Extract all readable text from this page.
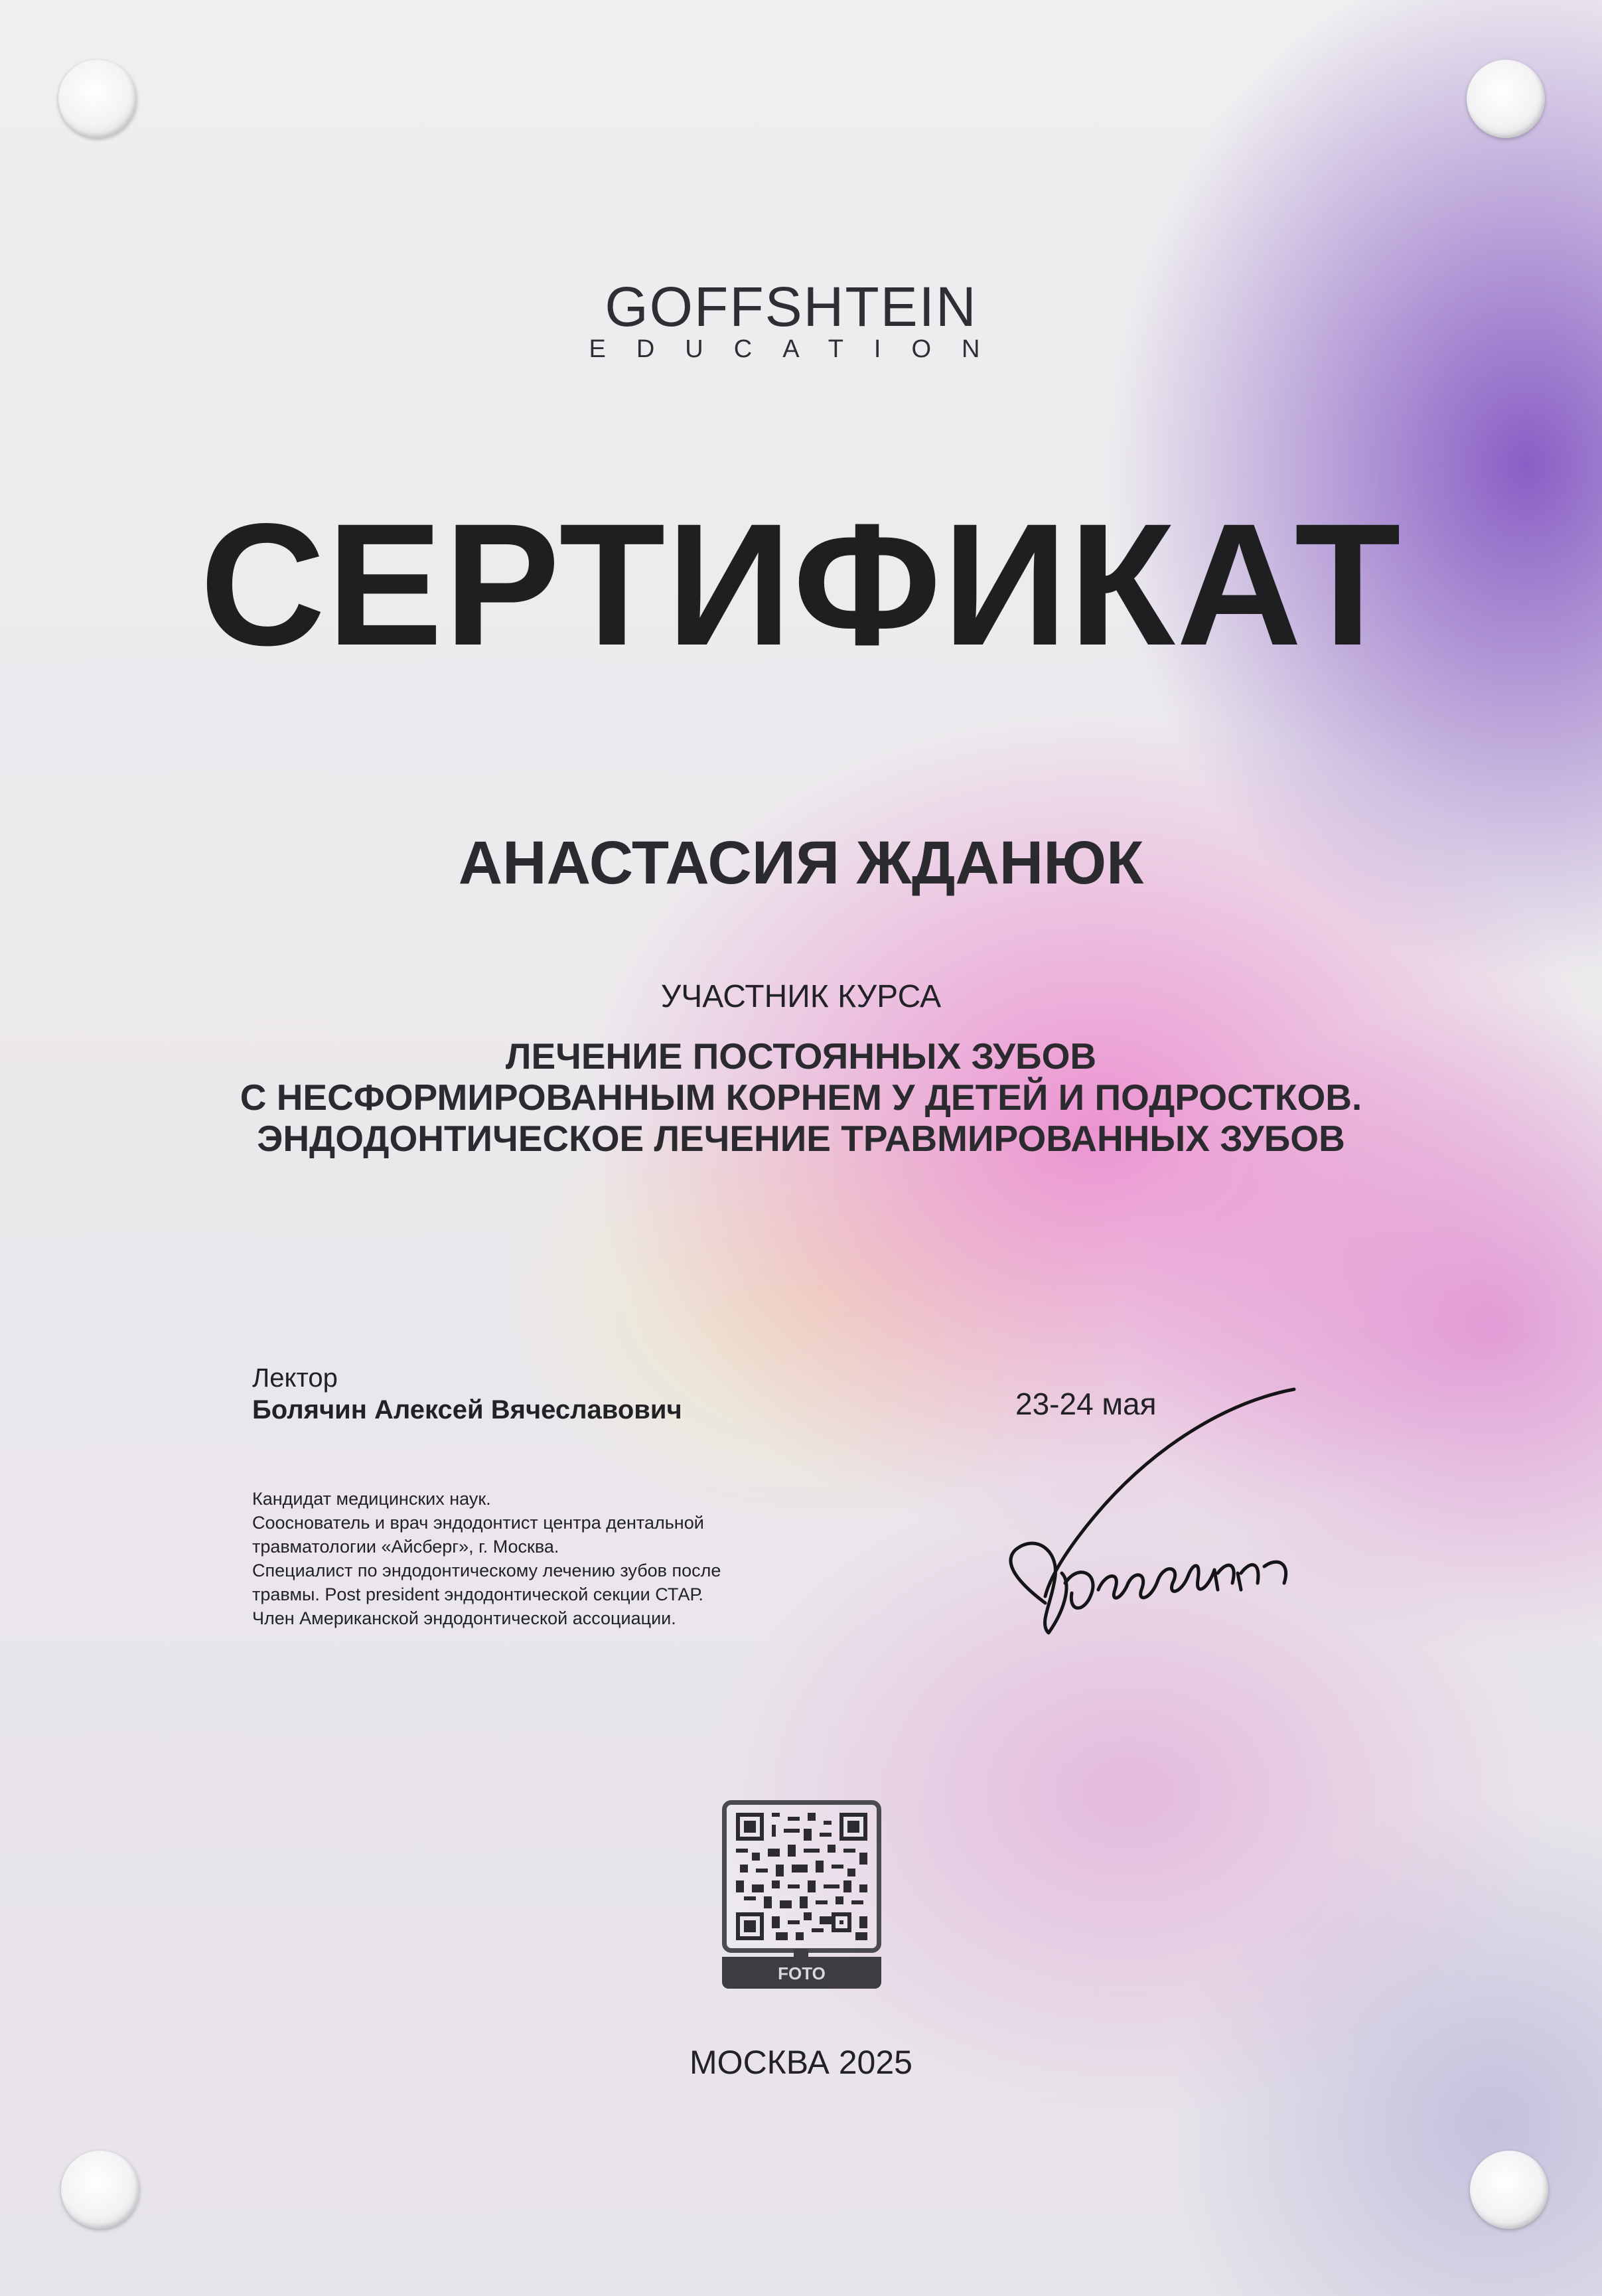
GOFFSHTEIN
EDUCATION
СЕРТИФИКАТ
АНАСТАСИЯ ЖДАНЮК
УЧАСТНИК КУРСА
ЛЕЧЕНИЕ ПОСТОЯННЫХ ЗУБОВ
С НЕСФОРМИРОВАННЫМ КОРНЕМ У ДЕТЕЙ И ПОДРОСТКОВ.
ЭНДОДОНТИЧЕСКОЕ ЛЕЧЕНИЕ ТРАВМИРОВАННЫХ ЗУБОВ
Лектор
Болячин Алексей Вячеславович
Кандидат медицинских наук.
Сооснователь и врач эндодонтист центра дентальной
травматологии «Айсберг», г. Москва.
Специалист по эндодонтическому лечению зубов после
травмы. Post president эндодонтической секции СТАР.
Член Американской эндодонтической ассоциации.
23-24 мая
FOTO
МОСКВА 2025
